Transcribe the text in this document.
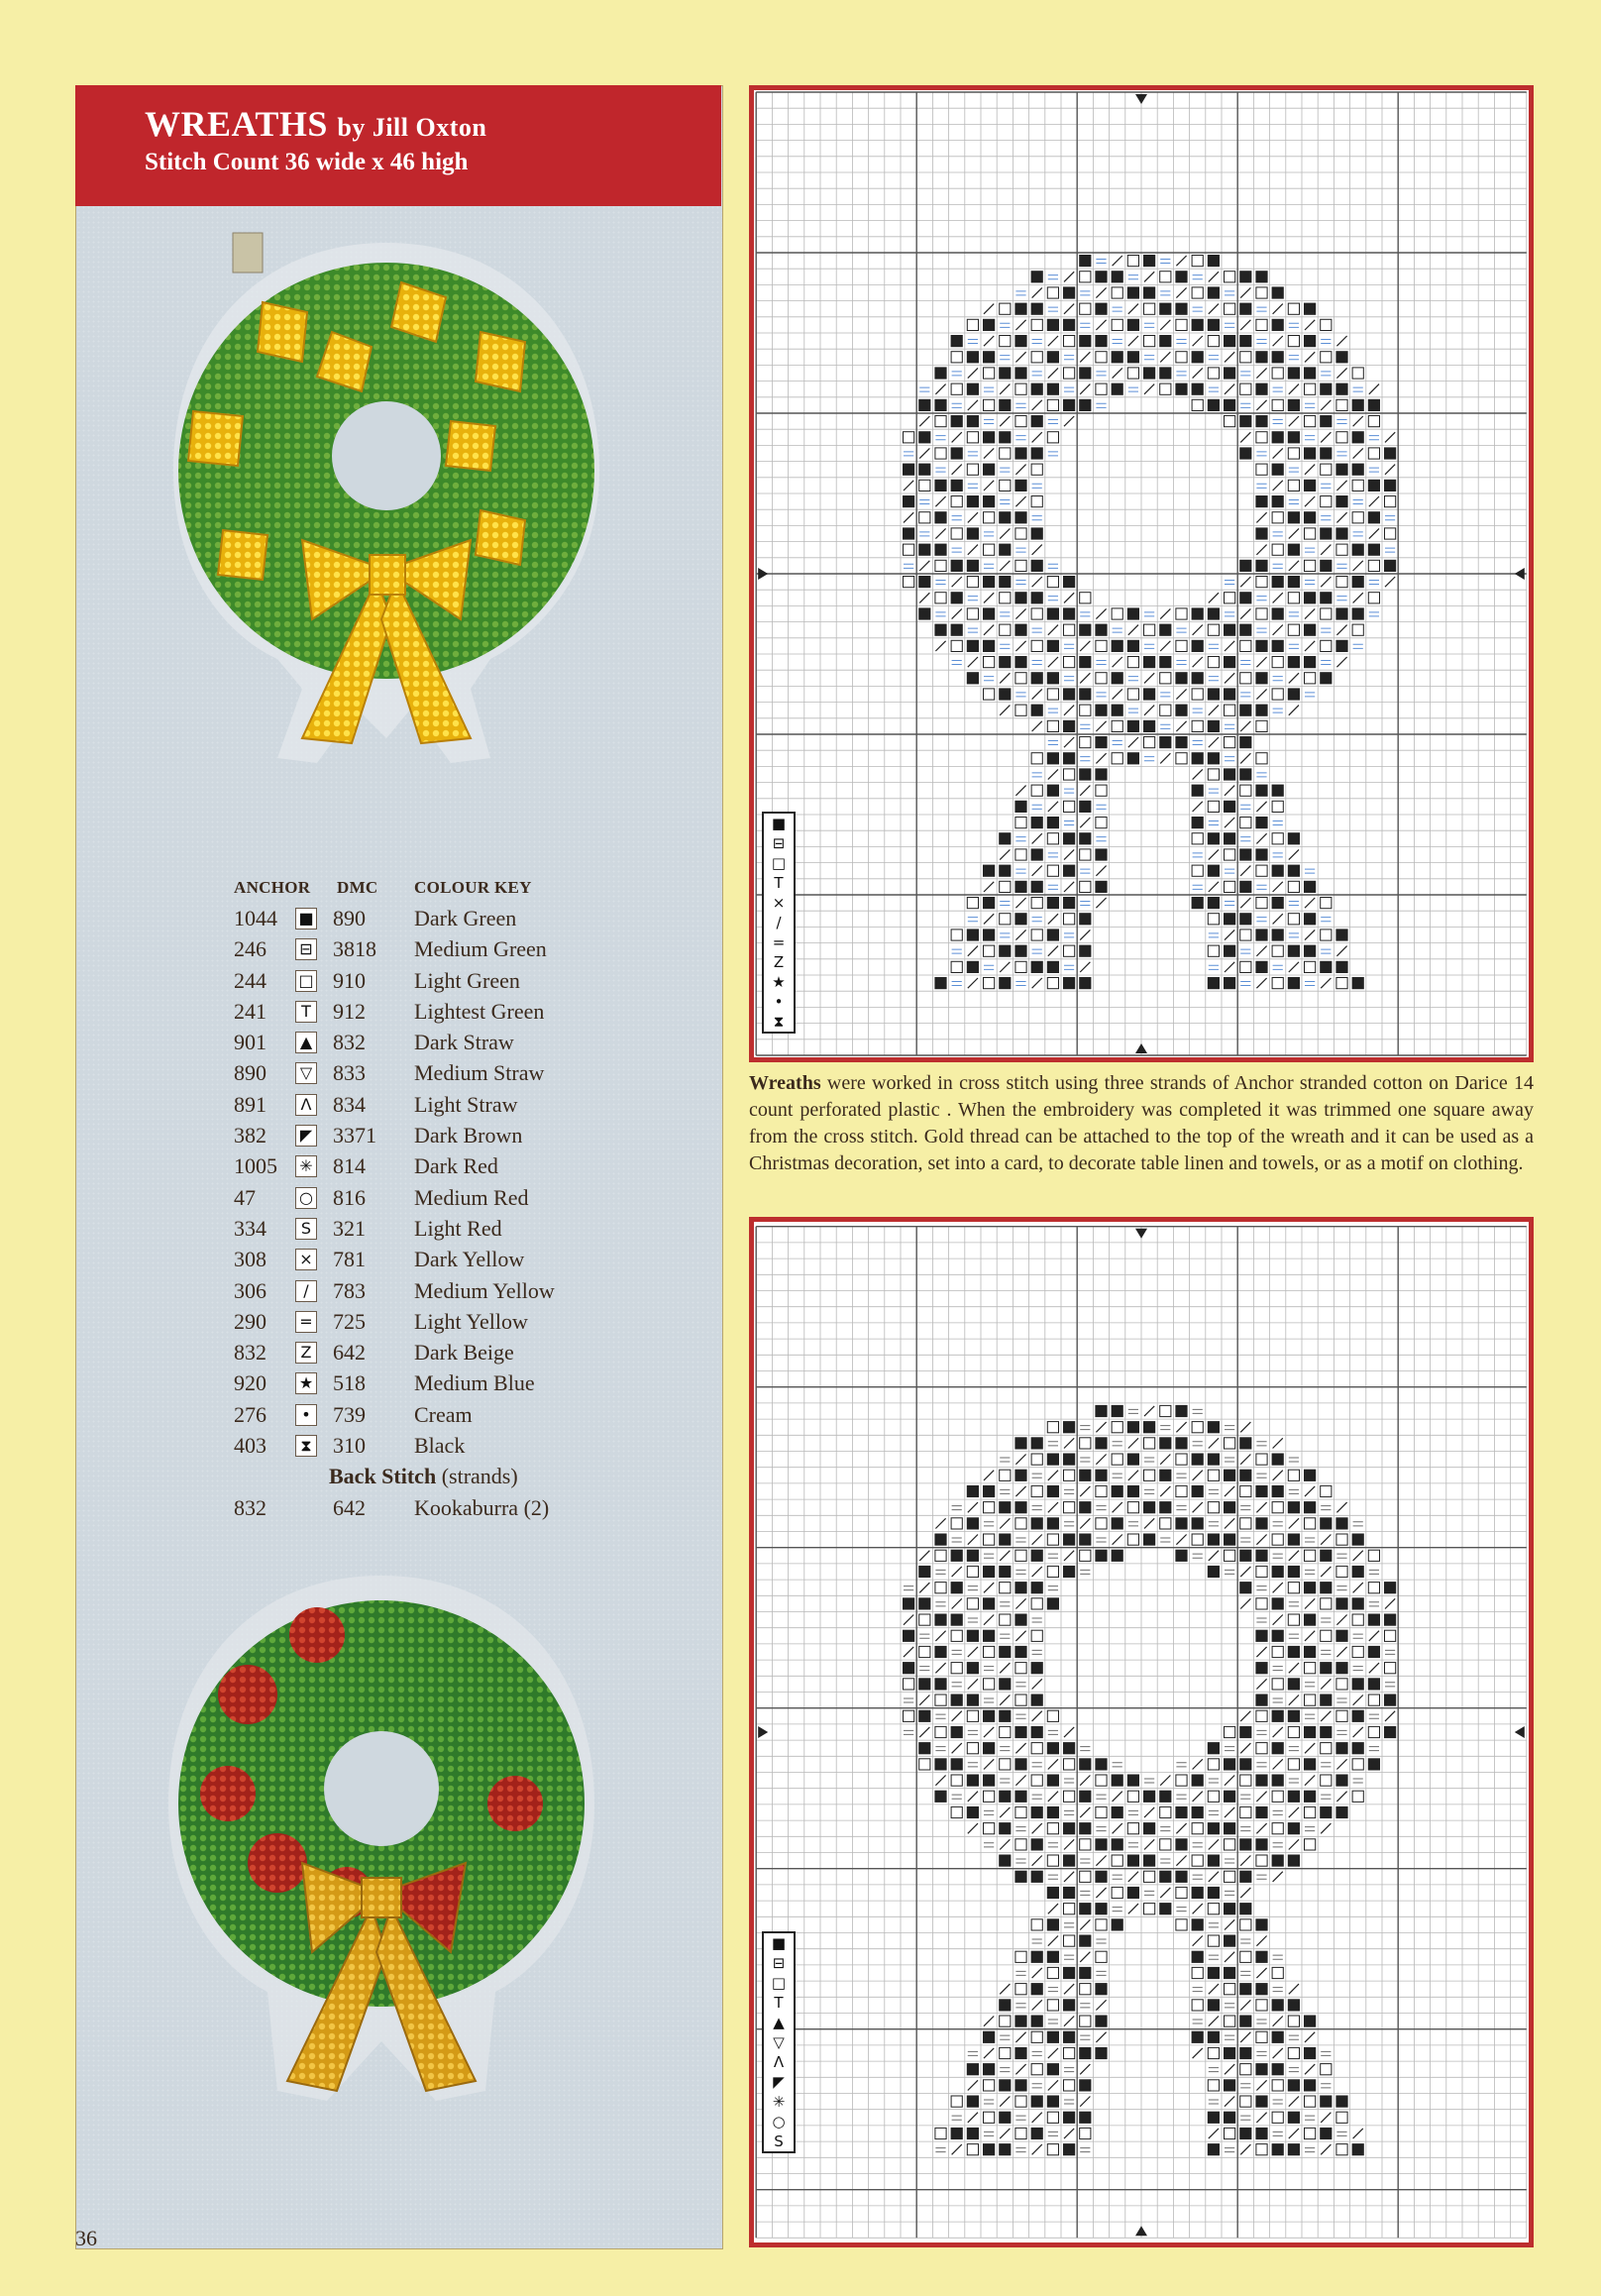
WREATHS by Jill Oxton
Stitch Count 36 wide x 46 high
ANCHOR DMC COLOUR KEY
1044 ■ 890 Dark Green
246 ⊟ 3818 Medium Green
244 □ 910 Light Green
241	T 912 Lightest Green
901	▲ 832 Dark Straw
890	▽ 833 Medium Straw
891	Λ 834 Light Straw
382	◤ 3371 Dark Brown
1005 ✳ 814 Dark Red
47	○ 816 Medium Red
334	S 321 Light Red
308 × 781 Dark Yellow
306	/	783 Medium Yellow
290 = 725 Light Yellow
832	Z 642 Dark Beige
920 ★ 518 Medium Blue
276	• 739 Cream
403	⧗ 310 Black
Back Stitch (strands)
832	642 Kookaburra (2)
■
⊟
□
T
×
/
=
Z
★
•
⧗
Wreaths were worked in cross stitch using three strands of Anchor stranded cotton on Darice 14 count perforated plastic . When the embroidery was completed it was trimmed one square away from the cross stitch. Gold thread can be attached to the top of the wreath and it can be used as a Christmas decoration, set into a card, to decorate table linen and towels, or as a motif on clothing.
■
⊟
□
T
▲
▽
Λ
◤
✳
○
S
36
